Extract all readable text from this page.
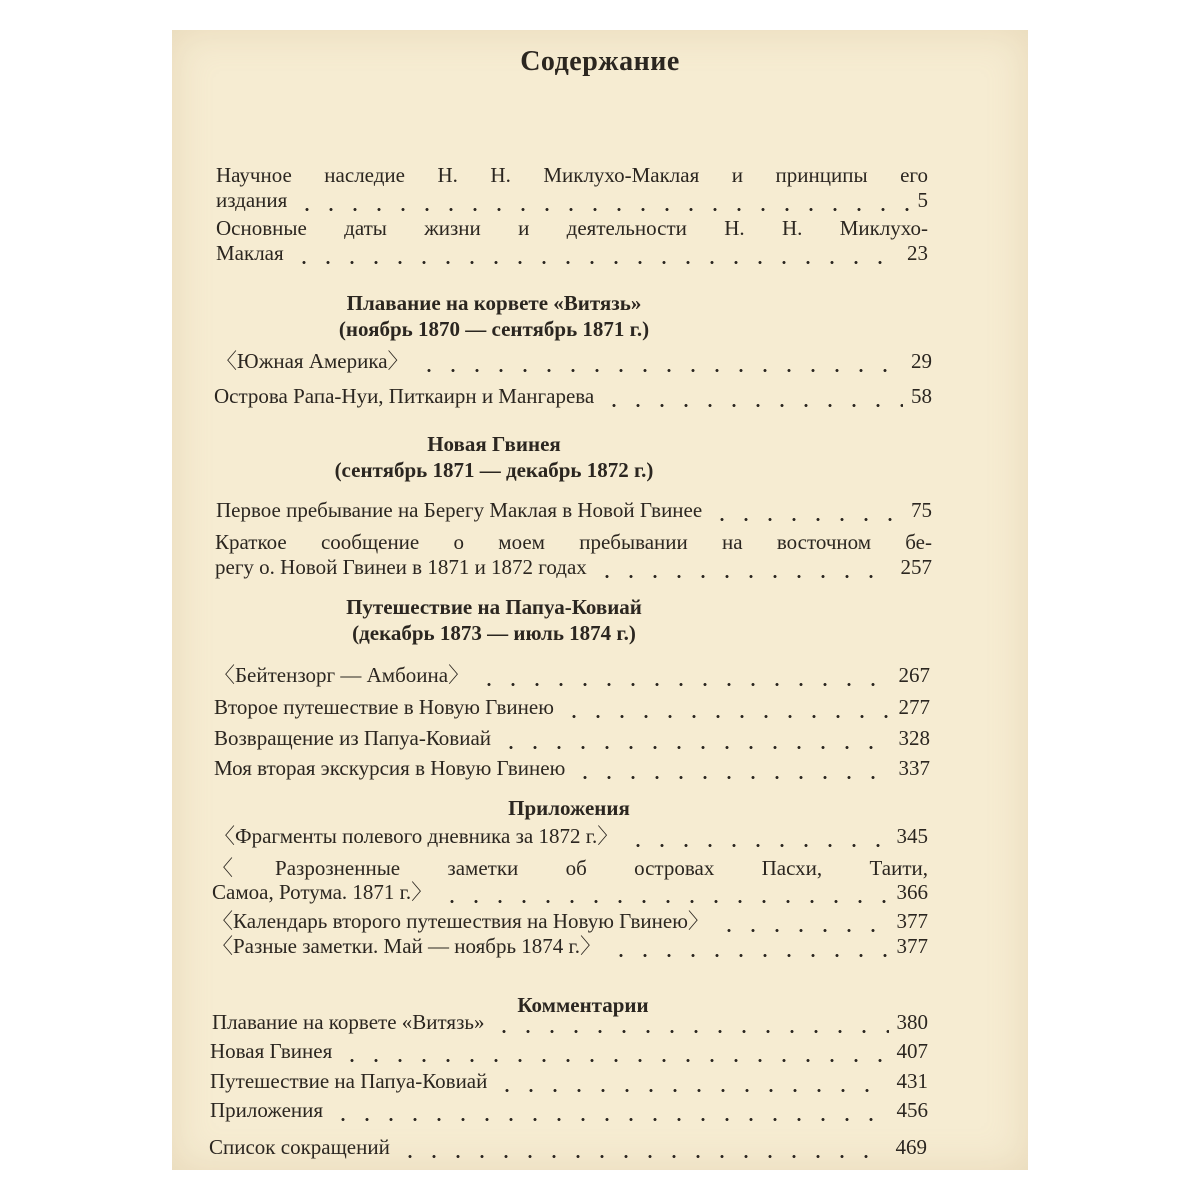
Содержание
Научное наследие Н. Н. Миклухо-Маклая и принципы его
издания	5
Основные даты жизни и деятельности Н. Н. Миклухо-
Маклая	23
Плавание на корвете «Витязь»
(ноябрь 1870 — сентябрь 1871 г.)
〈Южная Америка〉	29
Острова Рапа-Нуи, Питкаирн и Мангарева	58
Новая Гвинея
(сентябрь 1871 — декабрь 1872 г.)
Первое пребывание на Берегу Маклая в Новой Гвинее	75
Краткое сообщение о моем пребывании на восточном бе-
регу о. Новой Гвинеи в 1871 и 1872 годах	257
Путешествие на Папуа-Ковиай
(декабрь 1873 — июль 1874 г.)
〈Бейтензорг — Амбоина〉	267
Второе путешествие в Новую Гвинею	277
Возвращение из Папуа-Ковиай	328
Моя вторая экскурсия в Новую Гвинею	337
Приложения
〈Фрагменты полевого дневника за 1872 г.〉	345
〈Разрозненные заметки об островах Пасхи, Таити,
Самоа, Ротума. 1871 г.〉	366
〈Календарь второго путешествия на Новую Гвинею〉	377
〈Разные заметки. Май — ноябрь 1874 г.〉	377
Комментарии
Плавание на корвете «Витязь»	380
Новая Гвинея	407
Путешествие на Папуа-Ковиай	431
Приложения	456
Список сокращений	469
